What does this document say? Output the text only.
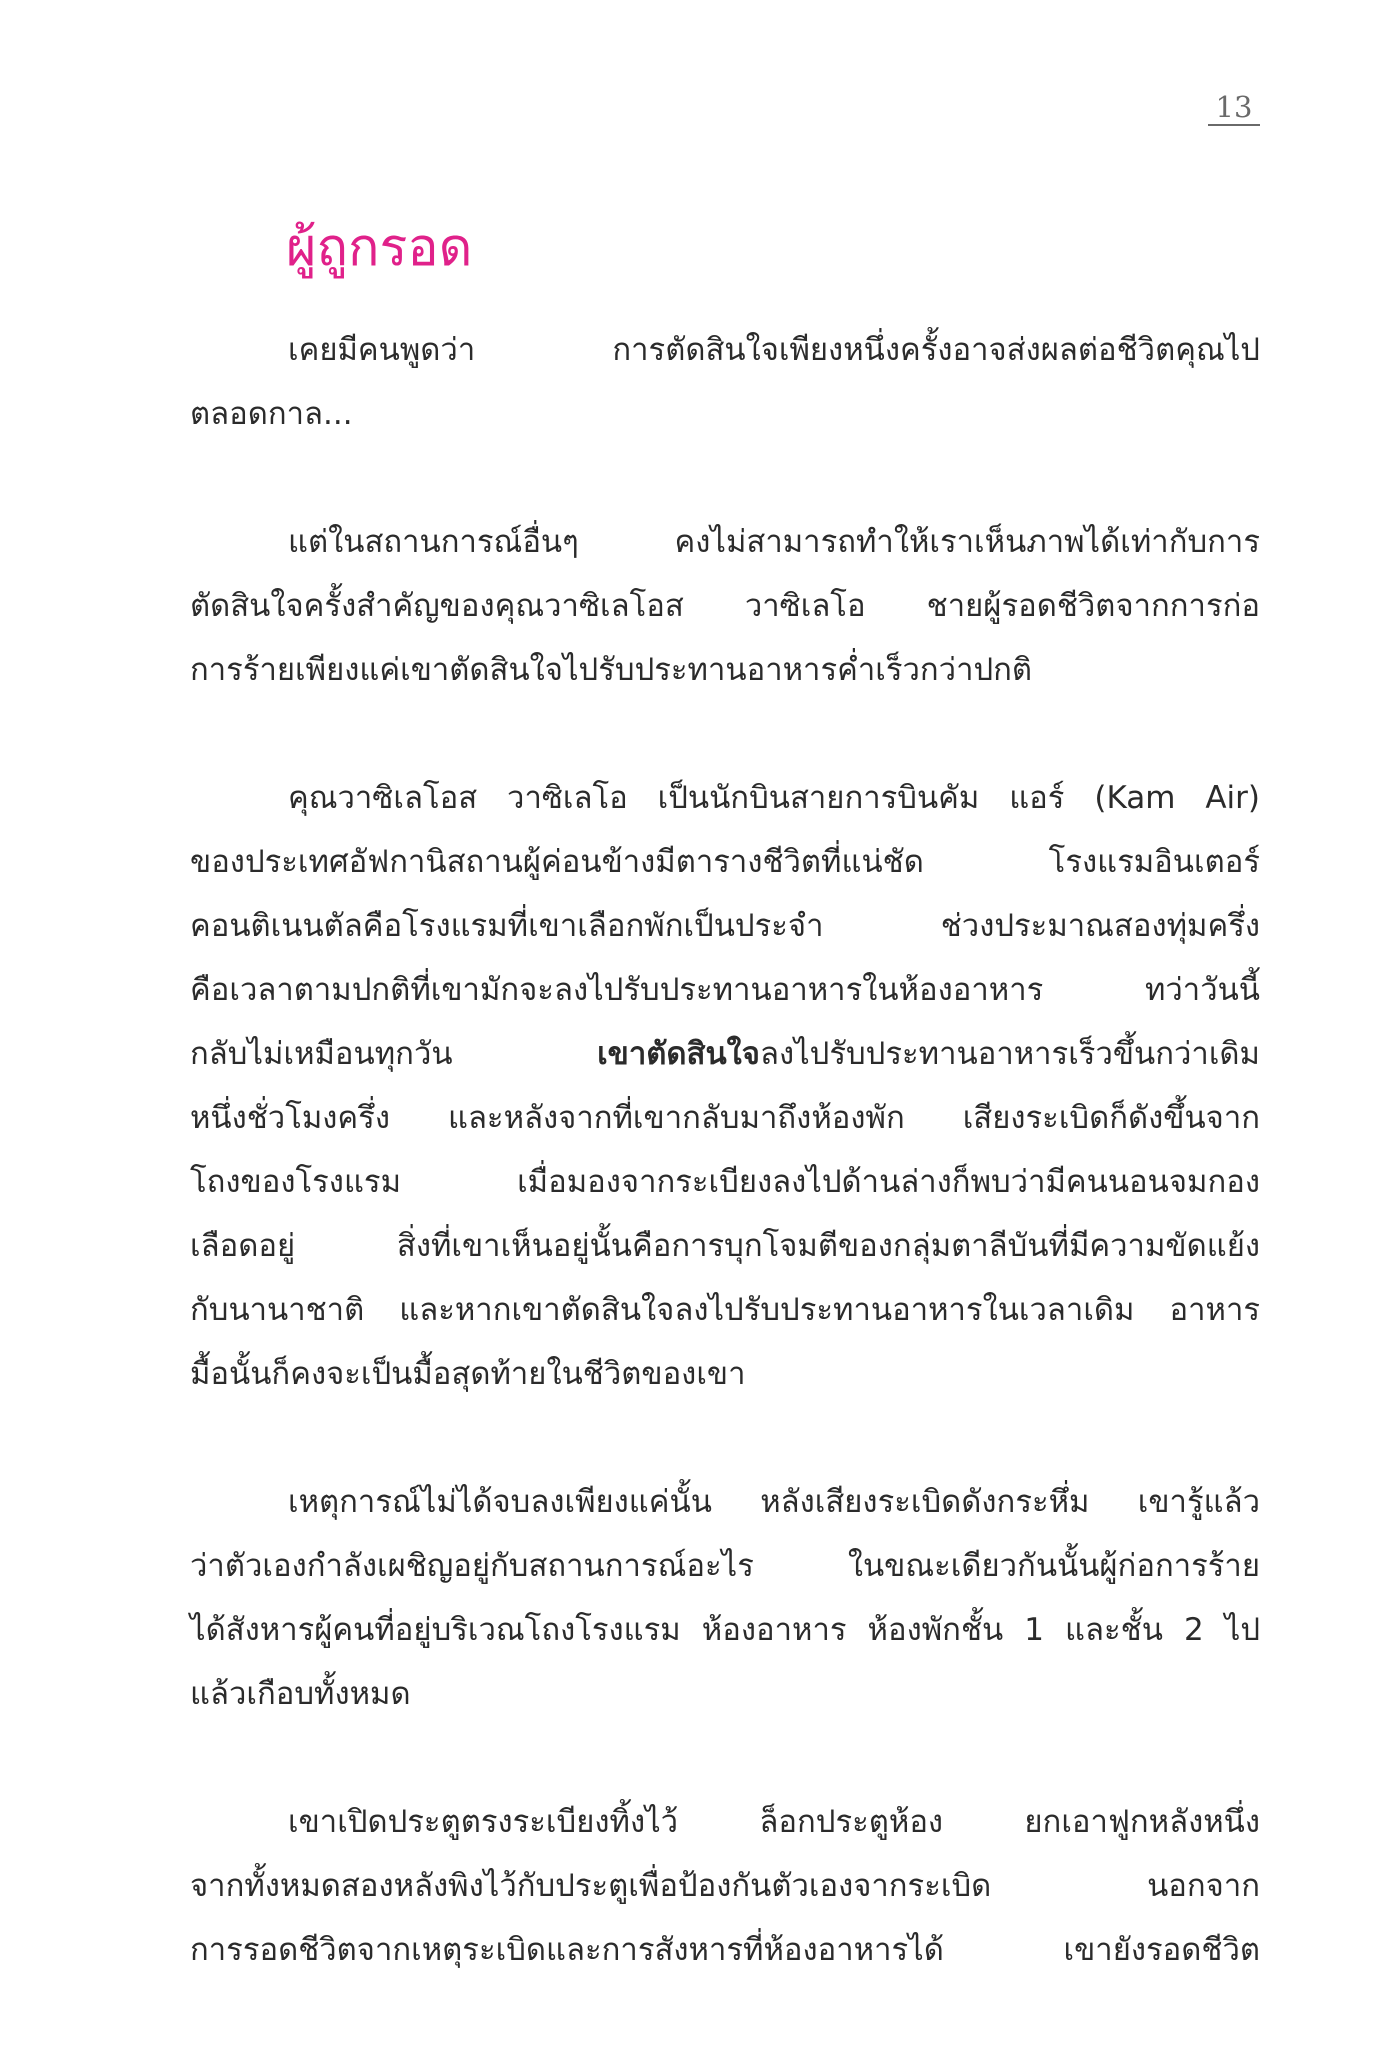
13
ผู้ถูกรอด

เคยมีคนพูดว่า การตัดสินใจเพียงหนึ่งครั้งอาจส่งผลต่อชีวิตคุณไป
ตลอดกาล...

แต่ในสถานการณ์อื่นๆ คงไม่สามารถทำให้เราเห็นภาพได้เท่ากับการ
ตัดสินใจครั้งสำคัญของคุณวาซิเลโอส วาซิเลโอ ชายผู้รอดชีวิตจากการก่อ
การร้ายเพียงแค่เขาตัดสินใจไปรับประทานอาหารค่ำเร็วกว่าปกติ

คุณวาซิเลโอส วาซิเลโอ เป็นนักบินสายการบินคัม แอร์ (Kam Air)
ของประเทศอัฟกานิสถานผู้ค่อนข้างมีตารางชีวิตที่แน่ชัด โรงแรมอินเตอร์
คอนติเนนตัลคือโรงแรมที่เขาเลือกพักเป็นประจำ ช่วงประมาณสองทุ่มครึ่ง
คือเวลาตามปกติที่เขามักจะลงไปรับประทานอาหารในห้องอาหาร ทว่าวันนี้
กลับไม่เหมือนทุกวัน เขาตัดสินใจลงไปรับประทานอาหารเร็วขึ้นกว่าเดิม
หนึ่งชั่วโมงครึ่ง และหลังจากที่เขากลับมาถึงห้องพัก เสียงระเบิดก็ดังขึ้นจาก
โถงของโรงแรม เมื่อมองจากระเบียงลงไปด้านล่างก็พบว่ามีคนนอนจมกอง
เลือดอยู่ สิ่งที่เขาเห็นอยู่นั้นคือการบุกโจมตีของกลุ่มตาลีบันที่มีความขัดแย้ง
กับนานาชาติ และหากเขาตัดสินใจลงไปรับประทานอาหารในเวลาเดิม อาหาร
มื้อนั้นก็คงจะเป็นมื้อสุดท้ายในชีวิตของเขา

เหตุการณ์ไม่ได้จบลงเพียงแค่นั้น หลังเสียงระเบิดดังกระหึ่ม เขารู้แล้ว
ว่าตัวเองกำลังเผชิญอยู่กับสถานการณ์อะไร ในขณะเดียวกันนั้นผู้ก่อการร้าย
ได้สังหารผู้คนที่อยู่บริเวณโถงโรงแรม ห้องอาหาร ห้องพักชั้น 1 และชั้น 2 ไป
แล้วเกือบทั้งหมด

เขาเปิดประตูตรงระเบียงทิ้งไว้ ล็อกประตูห้อง ยกเอาฟูกหลังหนึ่ง
จากทั้งหมดสองหลังพิงไว้กับประตูเพื่อป้องกันตัวเองจากระเบิด นอกจาก
การรอดชีวิตจากเหตุระเบิดและการสังหารที่ห้องอาหารได้ เขายังรอดชีวิต
